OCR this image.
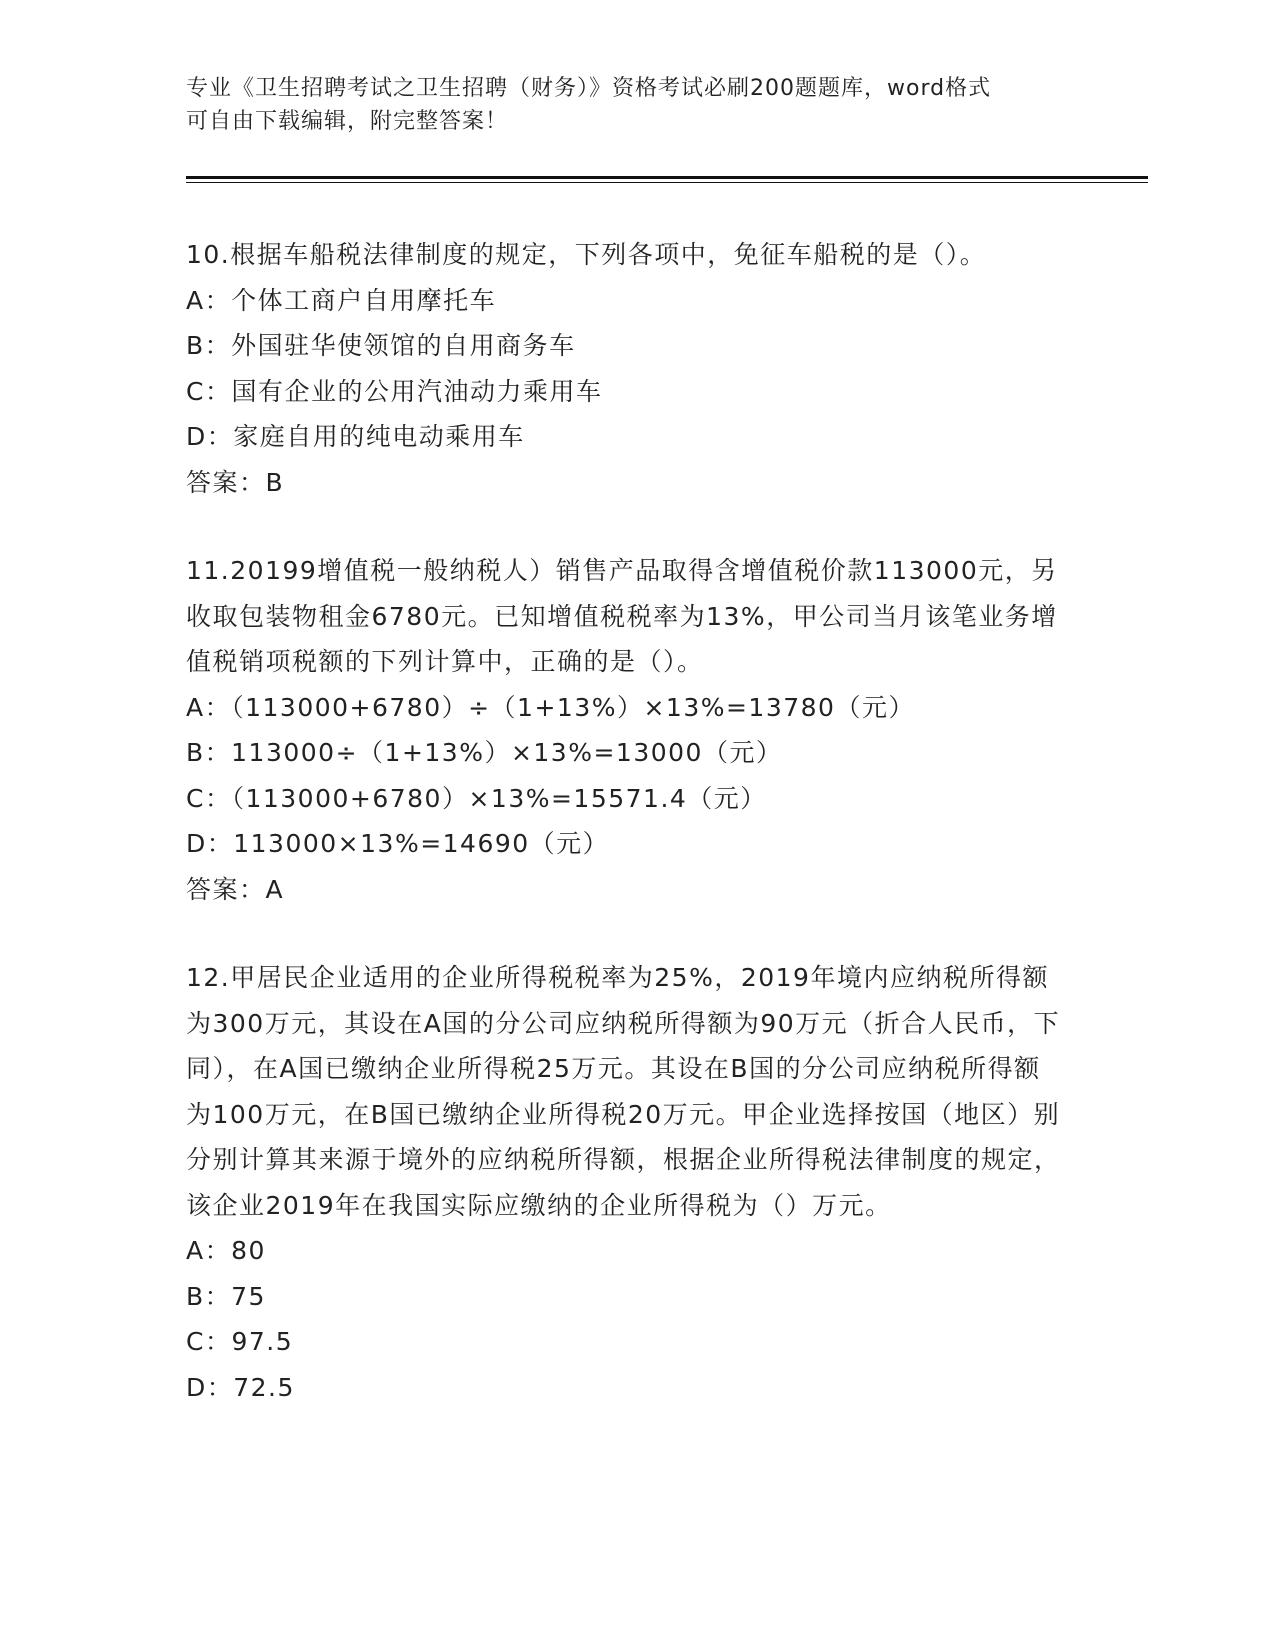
专业《卫生招聘考试之卫生招聘（财务）》资格考试必刷200题题库，word格式
可自由下载编辑，附完整答案！
10.根据车船税法律制度的规定，下列各项中，免征车船税的是（）。
A：个体工商户自用摩托车
B：外国驻华使领馆的自用商务车
C：国有企业的公用汽油动力乘用车
D：家庭自用的纯电动乘用车
答案：B
11.20199增值税一般纳税人）销售产品取得含增值税价款113000元，另收取包装物租金6780元。已知增值税税率为13%，甲公司当月该笔业务增值税销项税额的下列计算中，正确的是（）。
A：（113000+6780）÷（1+13%）×13%=13780（元）
B：113000÷（1+13%）×13%=13000（元）
C：（113000+6780）×13%=15571.4（元）
D：113000×13%=14690（元）
答案：A
12.甲居民企业适用的企业所得税税率为25%，2019年境内应纳税所得额为300万元，其设在A国的分公司应纳税所得额为90万元（折合人民币，下同），在A国已缴纳企业所得税25万元。其设在B国的分公司应纳税所得额为100万元，在B国已缴纳企业所得税20万元。甲企业选择按国（地区）别分别计算其来源于境外的应纳税所得额，根据企业所得税法律制度的规定，该企业2019年在我国实际应缴纳的企业所得税为（）万元。
A：80
B：75
C：97.5
D：72.5
